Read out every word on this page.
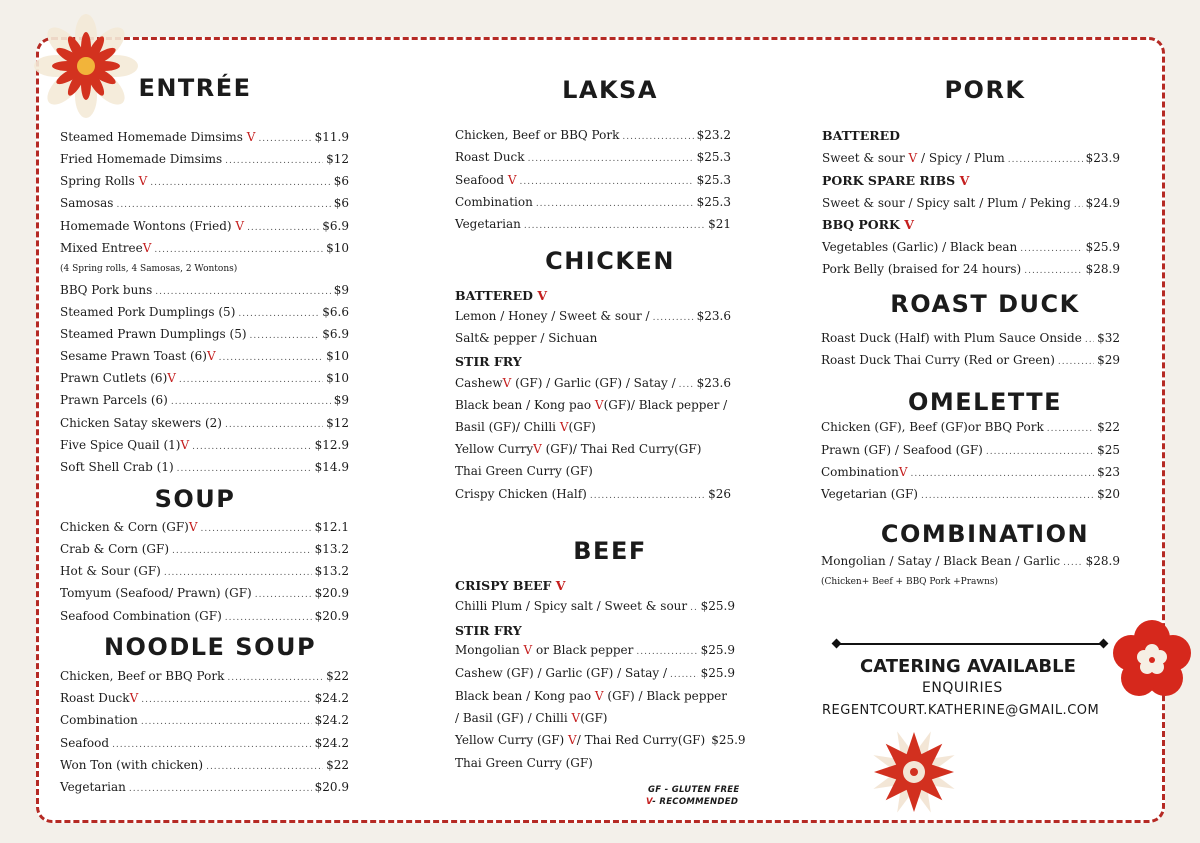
ENTRÉE
Steamed Homemade Dimsims V .....	$11.9
Fried Homemade Dimsims .....	$12
Spring Rolls V .....	$6
Samosas .....	$6
Homemade Wontons (Fried) V .....	$6.9
Mixed EntreeV .....	$10
(4 Spring rolls, 4 Samosas, 2 Wontons)
BBQ Pork buns .....	$9
Steamed Pork Dumplings (5) .....	$6.6
Steamed Prawn Dumplings (5) .....	$6.9
Sesame Prawn Toast (6)V .....	$10
Prawn Cutlets (6)V .....	$10
Prawn Parcels (6) .....	$9
Chicken Satay skewers (2) .....	$12
Five Spice Quail (1)V .....	$12.9
Soft Shell Crab (1) .....	$14.9
SOUP
Chicken & Corn (GF)V .....	$12.1
Crab & Corn (GF) .....	$13.2
Hot & Sour (GF) .....	$13.2
Tomyum (Seafood/ Prawn) (GF) .....	$20.9
Seafood Combination (GF) .....	$20.9
NOODLE SOUP
Chicken, Beef or BBQ Pork .....	$22
Roast DuckV .....	$24.2
Combination .....	$24.2
Seafood .....	$24.2
Won Ton (with chicken) .....	$22
Vegetarian .....	$20.9
LAKSA
Chicken, Beef or BBQ Pork .....	$23.2
Roast Duck .....	$25.3
Seafood V .....	$25.3
Combination .....	$25.3
Vegetarian .....	$21
CHICKEN
BATTERED V
Lemon / Honey / Sweet & sour / .....	$23.6
Salt& pepper / Sichuan
STIR FRY
CashewV (GF) / Garlic (GF) / Satay / ..... $23.6
Black bean / Kong pao V(GF)/ Black pepper /
Basil (GF)/ Chilli V(GF)
Yellow CurryV (GF)/ Thai Red Curry(GF)
Thai Green Curry (GF)
Crispy Chicken (Half) .....	$26
BEEF
CRISPY BEEF V
Chilli Plum / Spicy salt / Sweet & sour ..... $25.9
STIR FRY
Mongolian V or Black pepper .....	$25.9
Cashew (GF) / Garlic (GF) / Satay / .....	$25.9
Black bean / Kong pao V (GF) / Black pepper
/ Basil (GF) / Chilli V(GF)
Yellow Curry (GF) V/ Thai Red Curry(GF) $25.9
Thai Green Curry (GF)
GF - GLUTEN FREE
V- RECOMMENDED
PORK
BATTERED
Sweet & sour V / Spicy / Plum .....	$23.9
PORK SPARE RIBS V
Sweet & sour / Spicy salt / Plum / Peking ..... $24.9
BBQ PORK V
Vegetables (Garlic) / Black bean .....	$25.9
Pork Belly (braised for 24 hours) .....	$28.9
ROAST DUCK
Roast Duck (Half) with Plum Sauce Onside ..... $32
Roast Duck Thai Curry (Red or Green) .....	$29
OMELETTE
Chicken (GF), Beef (GF)or BBQ Pork .....	$22
Prawn (GF) / Seafood (GF) .....	$25
CombinationV .....	$23
Vegetarian (GF) .....	$20
COMBINATION
Mongolian / Satay / Black Bean / Garlic ..... $28.9
(Chicken+ Beef + BBQ Pork +Prawns)
CATERING AVAILABLE
ENQUIRIES
REGENTCOURT.KATHERINE@GMAIL.COM
